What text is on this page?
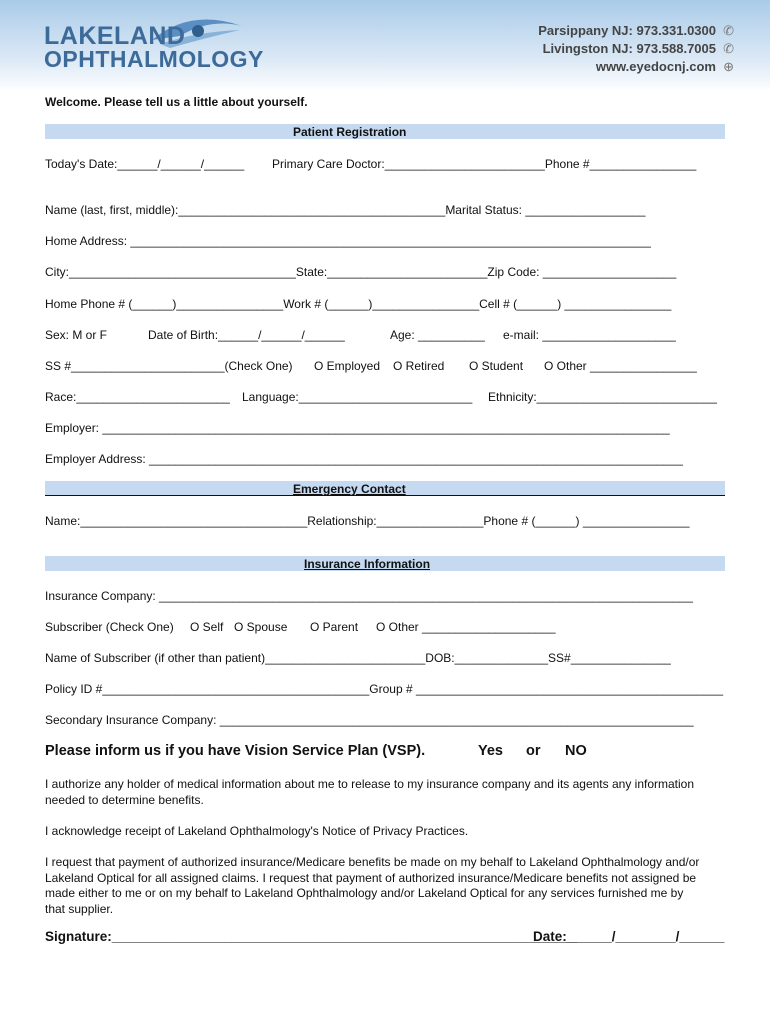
LAKELAND
OPHTHALMOLOGY
Parsippany NJ: 973.331.0300 ✆
Livingston NJ: 973.588.7005 ✆
www.eyedocnj.com ⊕
Welcome. Please tell us a little about yourself.
Patient Registration
Today's Date:______/______/______ Primary Care Doctor:________________________Phone #________________
Name (last, first, middle):________________________________________Marital Status: __________________
Home Address: ______________________________________________________________________________
City:__________________________________State:________________________Zip Code: ____________________
Home Phone # (______)________________Work # (______)________________Cell # (______) ________________
Sex: M or F	Date of Birth:______/______/______	Age: __________ e-mail: ____________________
SS #_______________________(Check One) O Employed O Retired O Student O Other ________________
Race:_______________________ Language:__________________________ Ethnicity:___________________________
Employer: _____________________________________________________________________________________
Employer Address: ________________________________________________________________________________
Emergency Contact
Name:__________________________________Relationship:________________Phone # (______) ________________
Insurance Information
Insurance Company: ________________________________________________________________________________
Subscriber (Check One) O Self O Spouse O Parent O Other ____________________
Name of Subscriber (if other than patient)________________________DOB:______________SS#_______________
Policy ID #________________________________________Group # ______________________________________________
Secondary Insurance Company: _______________________________________________________________________
Please inform us if you have Vision Service Plan (VSP).	Yes or NO
I authorize any holder of medical information about me to release to my insurance company and its agents any information needed to determine benefits.
I acknowledge receipt of Lakeland Ophthalmology's Notice of Privacy Practices.
I request that payment of authorized insurance/Medicare benefits be made on my behalf to Lakeland Ophthalmology and/or Lakeland Optical for all assigned claims. I request that payment of authorized insurance/Medicare benefits not assigned be made either to me or on my behalf to Lakeland Ophthalmology and/or Lakeland Optical for any services furnished me by that supplier.
Signature:______________________________________________________________
Date:______/________/______
